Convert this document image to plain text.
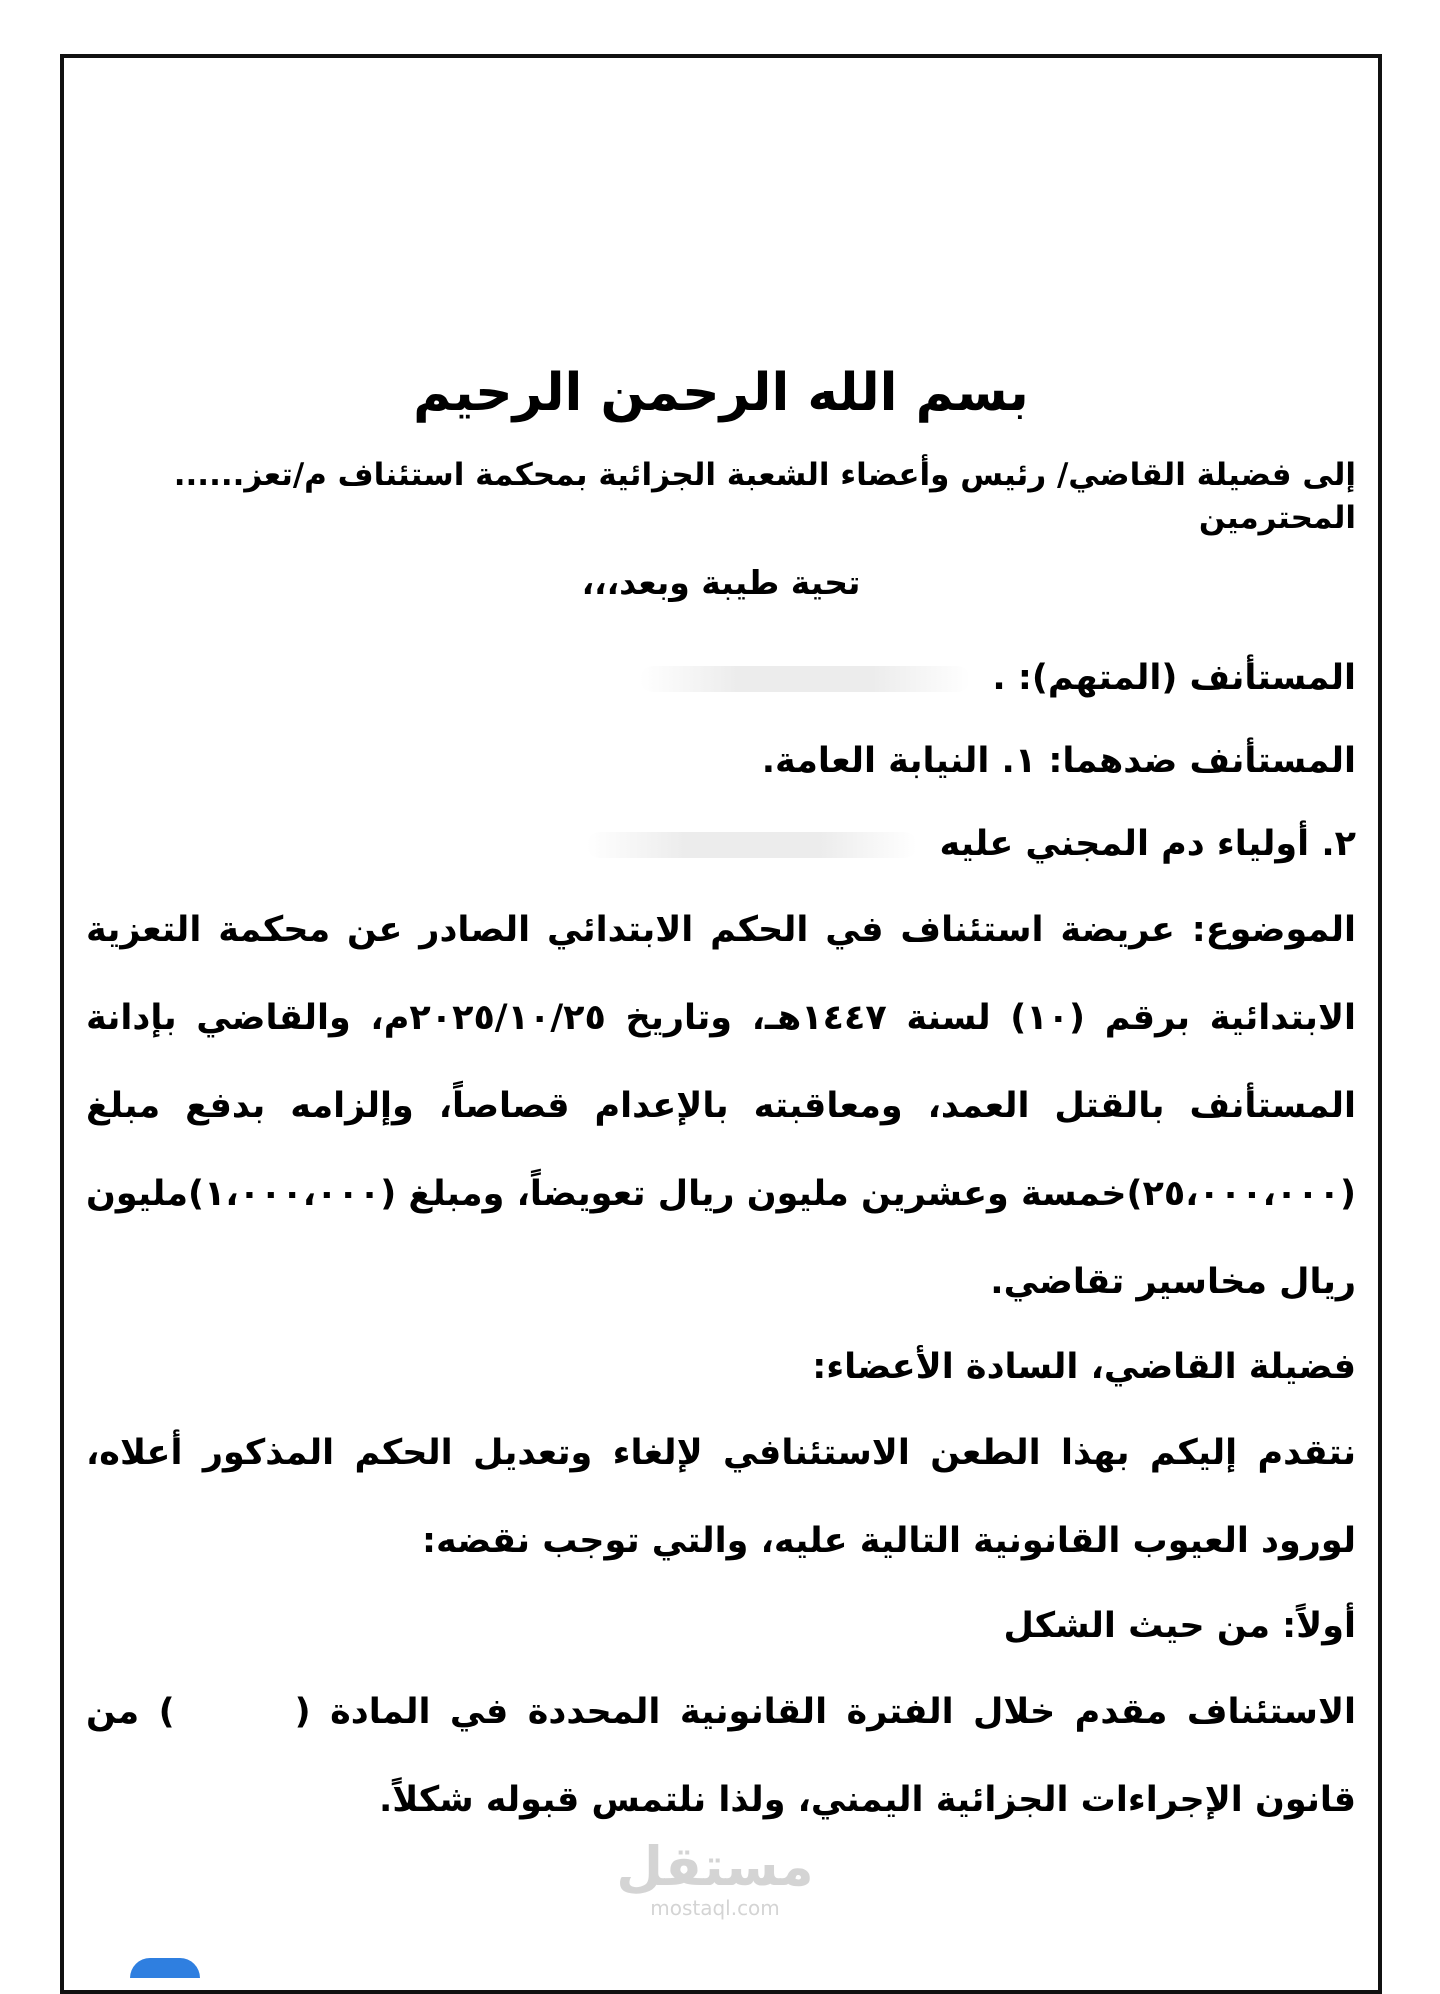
بسم الله الرحمن الرحيم

إلى فضيلة القاضي/ رئيس وأعضاء الشعبة الجزائية بمحكمة استئناف م/تعز...... المحترمين

تحية طيبة وبعد،،،

المستأنف (المتهم): .

المستأنف ضدهما: ١. النيابة العامة.

٢. أولياء دم المجني عليه

الموضوع: عريضة استئناف في الحكم الابتدائي الصادر عن محكمة التعزية الابتدائية برقم (١٠) لسنة ١٤٤٧هـ، وتاريخ ٢٠٢٥/١٠/٢٥م، والقاضي بإدانة المستأنف بالقتل العمد، ومعاقبته بالإعدام قصاصاً، وإلزامه بدفع مبلغ (٢٥،٠٠٠،٠٠٠)خمسة وعشرين مليون ريال تعويضاً، ومبلغ (١،٠٠٠،٠٠٠)مليون ريال مخاسير تقاضي.

فضيلة القاضي، السادة الأعضاء:

نتقدم إليكم بهذا الطعن الاستئنافي لإلغاء وتعديل الحكم المذكور أعلاه، لورود العيوب القانونية التالية عليه، والتي توجب نقضه:

أولاً: من حيث الشكل

الاستئناف مقدم خلال الفترة القانونية المحددة في المادة () من قانون الإجراءات الجزائية اليمني، ولذا نلتمس قبوله شكلاً.

مستقل
mostaql.com
